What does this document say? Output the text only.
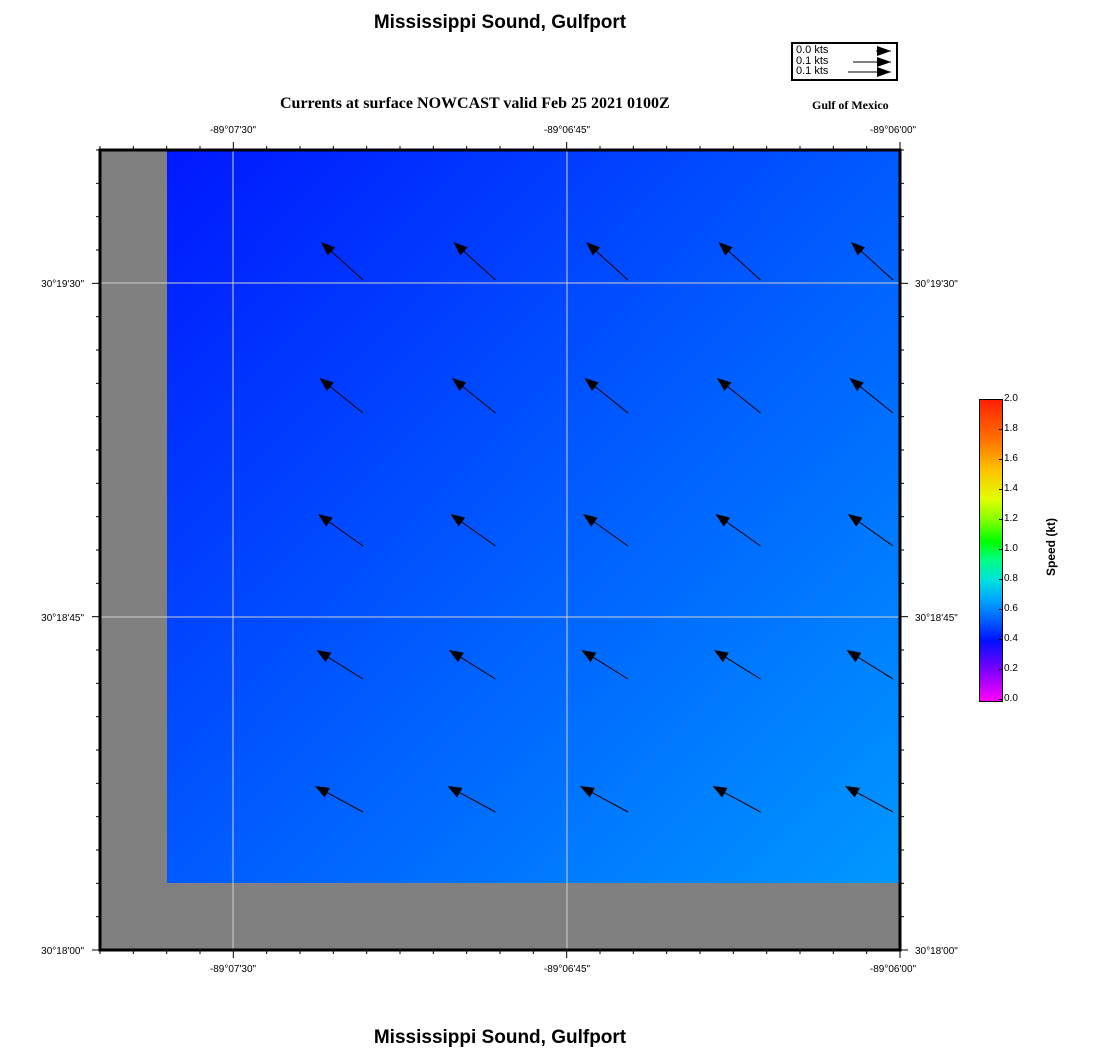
Mississippi Sound, Gulfport
Currents at surface NOWCAST valid Feb 25 2021 0100Z	Gulf of Mexico
0.0 kts
0.1 kts
0.1 kts
-89°07'30"	-89°06'45"	-89°06'00"
-89°07'30"	-89°06'45"	-89°06'00"
30°19'30"
30°18'45"
30°18'00"
30°19'30"
30°18'45"
30°18'00"
2.0
1.8
1.6
1.4
1.2
1.0
0.8
0.6
0.4
0.2
0.0
Speed (kt)
Mississippi Sound, Gulfport
